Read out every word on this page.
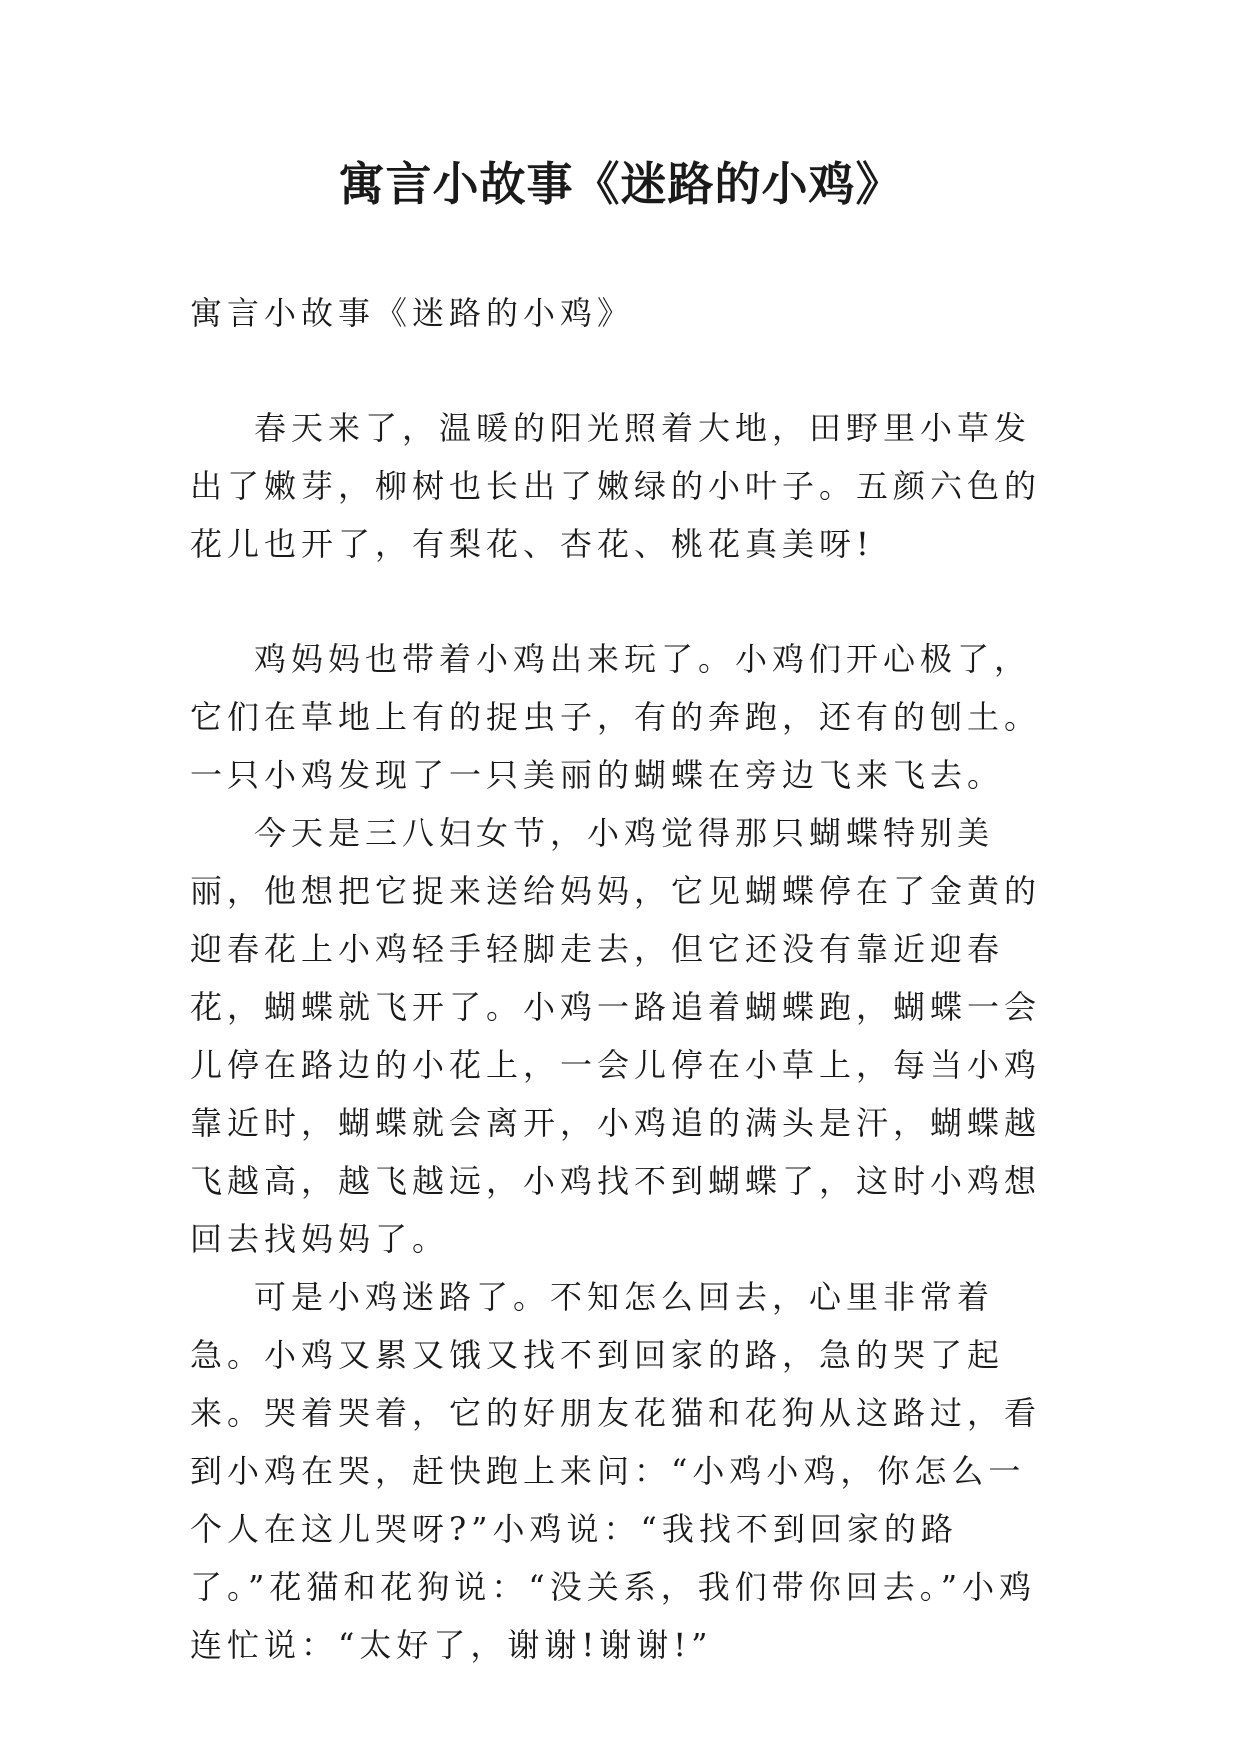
寓言小故事《迷路的小鸡》

寓言小故事《迷路的小鸡》

春天来了，温暖的阳光照着大地，田野里小草发出了嫩芽，柳树也长出了嫩绿的小叶子。五颜六色的花儿也开了，有梨花、杏花、桃花真美呀!

鸡妈妈也带着小鸡出来玩了。小鸡们开心极了，它们在草地上有的捉虫子，有的奔跑，还有的刨土。一只小鸡发现了一只美丽的蝴蝶在旁边飞来飞去。

今天是三八妇女节，小鸡觉得那只蝴蝶特别美丽，他想把它捉来送给妈妈，它见蝴蝶停在了金黄的迎春花上小鸡轻手轻脚走去，但它还没有靠近迎春花，蝴蝶就飞开了。小鸡一路追着蝴蝶跑，蝴蝶一会儿停在路边的小花上，一会儿停在小草上，每当小鸡靠近时，蝴蝶就会离开，小鸡追的满头是汗，蝴蝶越飞越高，越飞越远，小鸡找不到蝴蝶了，这时小鸡想回去找妈妈了。

可是小鸡迷路了。不知怎么回去，心里非常着急。小鸡又累又饿又找不到回家的路，急的哭了起来。哭着哭着，它的好朋友花猫和花狗从这路过，看到小鸡在哭，赶快跑上来问：“小鸡小鸡，你怎么一个人在这儿哭呀?”小鸡说：“我找不到回家的路了。”花猫和花狗说：“没关系，我们带你回去。”小鸡连忙说：“太好了，谢谢!谢谢!”
